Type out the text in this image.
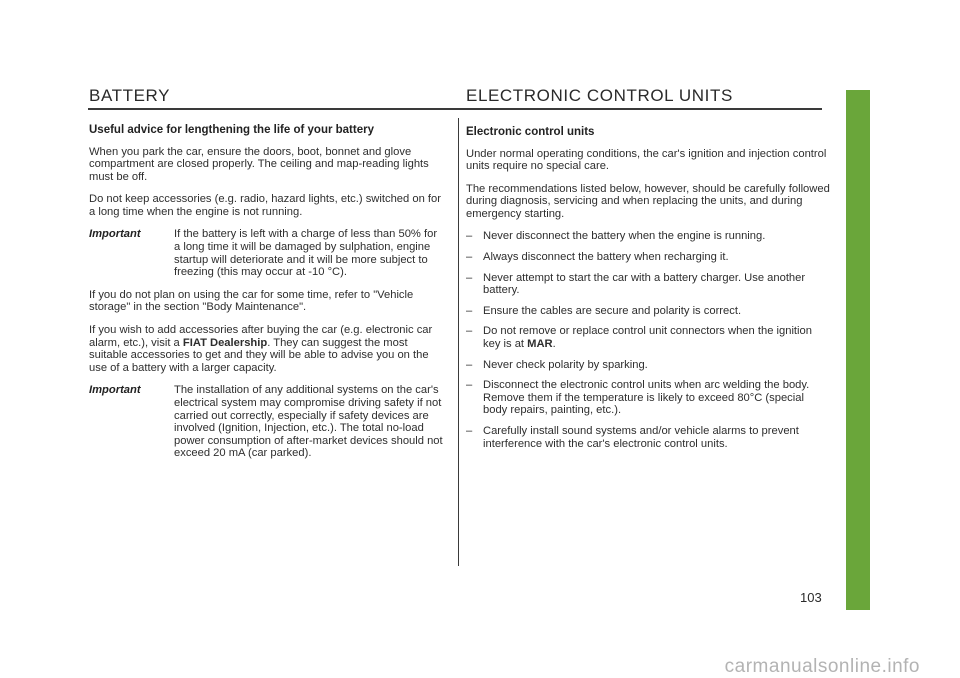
BATTERY	ELECTRONIC CONTROL UNITS
Useful advice for lengthening the life of your battery

When you park the car, ensure the doors, boot, bonnet and glove compartment are closed properly. The ceiling and map-reading lights must be off.

Do not keep accessories (e.g. radio, hazard lights, etc.) switched on for a long time when the engine is not running.

Important	If the battery is left with a charge of less than 50% for a long time it will be damaged by sulphation, engine startup will deteriorate and it will be more subject to freezing (this may occur at -10 °C).

If you do not plan on using the car for some time, refer to "Vehicle storage" in the section "Body Maintenance".

If you wish to add accessories after buying the car (e.g. electronic car alarm, etc.), visit a FIAT Dealership. They can suggest the most suitable accessories to get and they will be able to advise you on the use of a battery with a larger capacity.

Important	The installation of any additional systems on the car's electrical system may compromise driving safety if not carried out correctly, especially if safety devices are involved (Ignition, Injection, etc.). The total no-load power consumption of after-market devices should not exceed 20 mA (car parked).
Electronic control units

Under normal operating conditions, the car's ignition and injection control units require no special care.

The recommendations listed below, however, should be carefully followed during diagnosis, servicing and when replacing the units, and during emergency starting.

– Never disconnect the battery when the engine is running.
– Always disconnect the battery when recharging it.
– Never attempt to start the car with a battery charger. Use another battery.
– Ensure the cables are secure and polarity is correct.
– Do not remove or replace control unit connectors when the ignition key is at MAR.
– Never check polarity by sparking.
– Disconnect the electronic control units when arc welding the body. Remove them if the temperature is likely to exceed 80°C (special body repairs, painting, etc.).
– Carefully install sound systems and/or vehicle alarms to prevent interference with the car's electronic control units.
103
carmanualsonline.info
